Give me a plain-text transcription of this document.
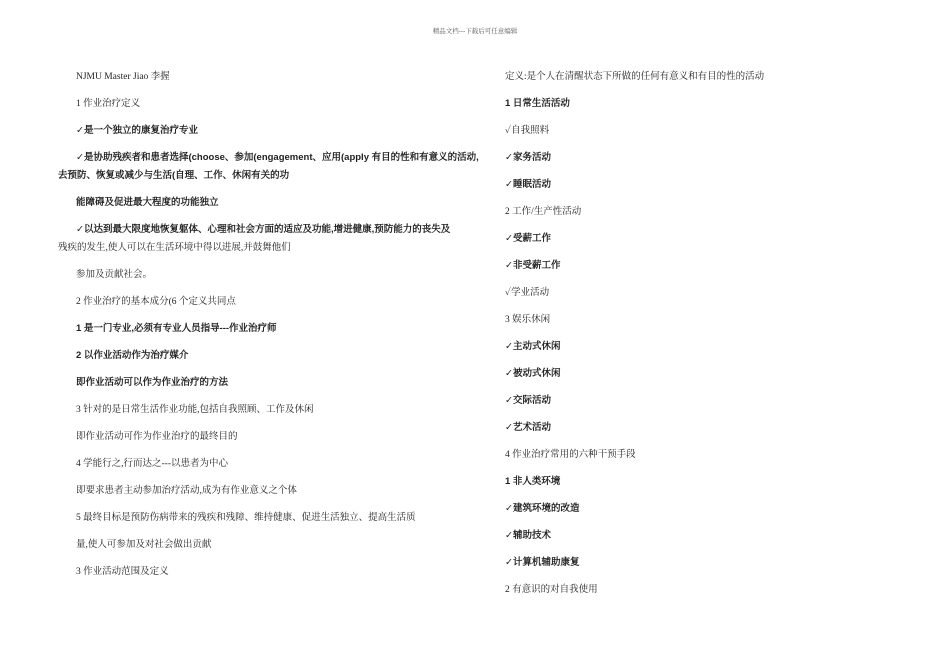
精品文档---下载后可任意编辑
NJMU Master Jiao 李握
1 作业治疗定义
✓是一个独立的康复治疗专业
✓是协助残疾者和患者选择(choose、参加(engagement、应用(apply 有目的性和有意义的活动,
去预防、恢复或减少与生活(自理、工作、休闲有关的功
能障碍及促进最大程度的功能独立
✓以达到最大限度地恢复躯体、心理和社会方面的适应及功能,增进健康,预防能力的丧失及
残疾的发生,使人可以在生活环境中得以进展,并鼓舞他们
参加及贡献社会。
2 作业治疗的基本成分(6 个定义共同点
1 是一门专业,必须有专业人员指导---作业治疗师
2 以作业活动作为治疗媒介
即作业活动可以作为作业治疗的方法
3 针对的是日常生活作业功能,包括自我照顾、工作及休闲
即作业活动可作为作业治疗的最终目的
4 学能行之,行而达之---以患者为中心
即要求患者主动参加治疗活动,成为有作业意义之个体
5 最终目标是预防伤病带来的残疾和残障、维持健康、促进生活独立、提高生活质
量,使人可参加及对社会做出贡献
3 作业活动范围及定义
定义:是个人在清醒状态下所做的任何有意义和有目的性的活动
1 日常生活活动
✓自我照料
✓家务活动
✓睡眠活动
2 工作/生产性活动
✓受薪工作
✓非受薪工作
✓学业活动
3 娱乐休闲
✓主动式休闲
✓被动式休闲
✓交际活动
✓艺术活动
4 作业治疗常用的六种干预手段
1 非人类环境
✓建筑环境的改造
✓辅助技术
✓计算机辅助康复
2 有意识的对自我使用
